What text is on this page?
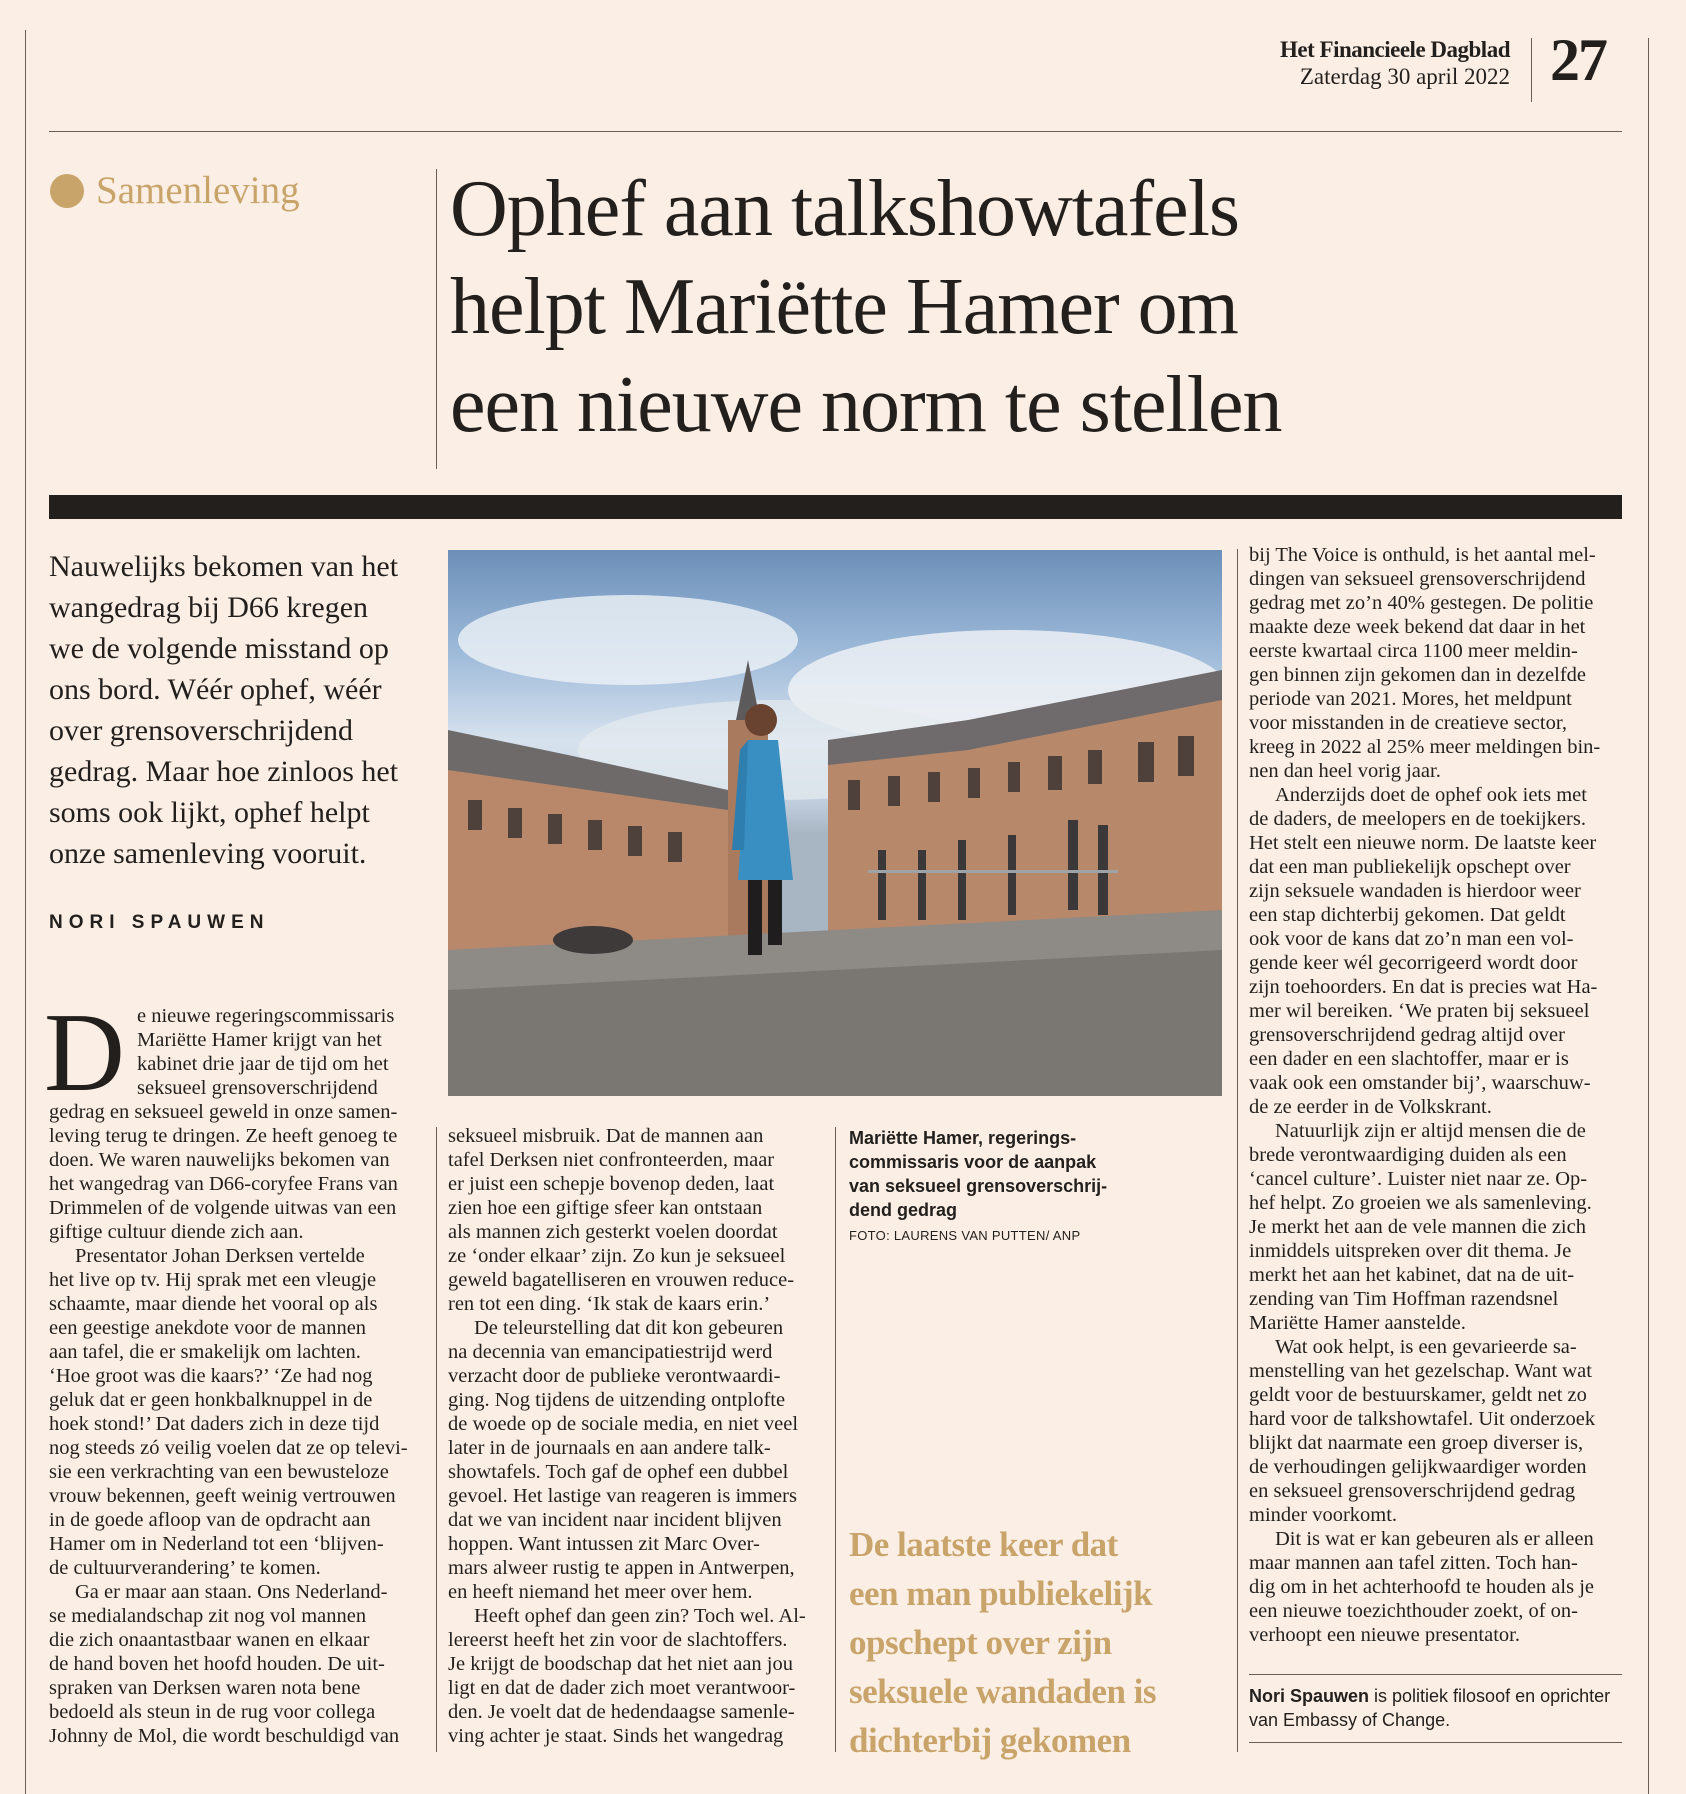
Het Financieele Dagblad
Zaterdag 30 april 2022 27
Samenleving Ophef aan talkshowtafels
helpt Mariëtte Hamer om
een nieuwe norm te stellen
Nauwelijks bekomen van het
wangedrag bij D66 kregen
we de volgende misstand op
ons bord. Wéér ophef, wéér
over grensoverschrijdend
gedrag. Maar hoe zinloos het
soms ook lijkt, ophef helpt
onze samenleving vooruit.
NORI SPAUWEN
D e nieuwe regeringscommissaris
Mariëtte Hamer krijgt van het
kabinet drie jaar de tijd om het
seksueel grensoverschrijdend
gedrag en seksueel geweld in onze samen-
leving terug te dringen. Ze heeft genoeg te
doen. We waren nauwelijks bekomen van
het wangedrag van D66-coryfee Frans van
Drimmelen of de volgende uitwas van een
giftige cultuur diende zich aan.
Presentator Johan Derksen vertelde
het live op tv. Hij sprak met een vleugje
schaamte, maar diende het vooral op als
een geestige anekdote voor de mannen
aan tafel, die er smakelijk om lachten.
‘Hoe groot was die kaars?’ ‘Ze had nog
geluk dat er geen honkbalknuppel in de
hoek stond!’ Dat daders zich in deze tijd
nog steeds zó veilig voelen dat ze op televi-
sie een verkrachting van een bewusteloze
vrouw bekennen, geeft weinig vertrouwen
in de goede afloop van de opdracht aan
Hamer om in Nederland tot een ‘blijven-
de cultuurverandering’ te komen.
Ga er maar aan staan. Ons Nederland-
se medialandschap zit nog vol mannen
die zich onaantastbaar wanen en elkaar
de hand boven het hoofd houden. De uit-
spraken van Derksen waren nota bene
bedoeld als steun in de rug voor collega
Johnny de Mol, die wordt beschuldigd van
seksueel misbruik. Dat de mannen aan
tafel Derksen niet confronteerden, maar
er juist een schepje bovenop deden, laat
zien hoe een giftige sfeer kan ontstaan
als mannen zich gesterkt voelen doordat
ze ‘onder elkaar’ zijn. Zo kun je seksueel
geweld bagatelliseren en vrouwen reduce-
ren tot een ding. ‘Ik stak de kaars erin.’
De teleurstelling dat dit kon gebeuren
na decennia van emancipatiestrijd werd
verzacht door de publieke verontwaardi-
ging. Nog tijdens de uitzending ontplofte
de woede op de sociale media, en niet veel
later in de journaals en aan andere talk-
showtafels. Toch gaf de ophef een dubbel
gevoel. Het lastige van reageren is immers
dat we van incident naar incident blijven
hoppen. Want intussen zit Marc Over-
mars alweer rustig te appen in Antwerpen,
en heeft niemand het meer over hem.
Heeft ophef dan geen zin? Toch wel. Al-
lereerst heeft het zin voor de slachtoffers.
Je krijgt de boodschap dat het niet aan jou
ligt en dat de dader zich moet verantwoor-
den. Je voelt dat de hedendaagse samenle-
ving achter je staat. Sinds het wangedrag
bij The Voice is onthuld, is het aantal mel-
dingen van seksueel grensoverschrijdend
gedrag met zo’n 40% gestegen. De politie
maakte deze week bekend dat daar in het
eerste kwartaal circa 1100 meer meldin-
gen binnen zijn gekomen dan in dezelfde
periode van 2021. Mores, het meldpunt
voor misstanden in de creatieve sector,
kreeg in 2022 al 25% meer meldingen bin-
nen dan heel vorig jaar.
Anderzijds doet de ophef ook iets met
de daders, de meelopers en de toekijkers.
Het stelt een nieuwe norm. De laatste keer
dat een man publiekelijk opschept over
zijn seksuele wandaden is hierdoor weer
een stap dichterbij gekomen. Dat geldt
ook voor de kans dat zo’n man een vol-
gende keer wél gecorrigeerd wordt door
zijn toehoorders. En dat is precies wat Ha-
mer wil bereiken. ‘We praten bij seksueel
grensoverschrijdend gedrag altijd over
een dader en een slachtoffer, maar er is
vaak ook een omstander bij’, waarschuw-
de ze eerder in de Volkskrant.
Natuurlijk zijn er altijd mensen die de
brede verontwaardiging duiden als een
‘cancel culture’. Luister niet naar ze. Op-
hef helpt. Zo groeien we als samenleving.
Je merkt het aan de vele mannen die zich
inmiddels uitspreken over dit thema. Je
merkt het aan het kabinet, dat na de uit-
zending van Tim Hoffman razendsnel
Mariëtte Hamer aanstelde.
Wat ook helpt, is een gevarieerde sa-
menstelling van het gezelschap. Want wat
geldt voor de bestuurskamer, geldt net zo
hard voor de talkshowtafel. Uit onderzoek
blijkt dat naarmate een groep diverser is,
de verhoudingen gelijkwaardiger worden
en seksueel grensoverschrijdend gedrag
minder voorkomt.
Dit is wat er kan gebeuren als er alleen
maar mannen aan tafel zitten. Toch han-
dig om in het achterhoofd te houden als je
een nieuwe toezichthouder zoekt, of on-
verhoopt een nieuwe presentator.
Mariëtte Hamer, regerings-
commissaris voor de aanpak
van seksueel grensoverschrij-
dend gedrag
FOTO: LAURENS VAN PUTTEN/ ANP
De laatste keer dat
een man publiekelijk
opschept over zijn
seksuele wandaden is
dichterbij gekomen
Nori Spauwen is politiek filosoof en oprichter van Embassy of Change.
